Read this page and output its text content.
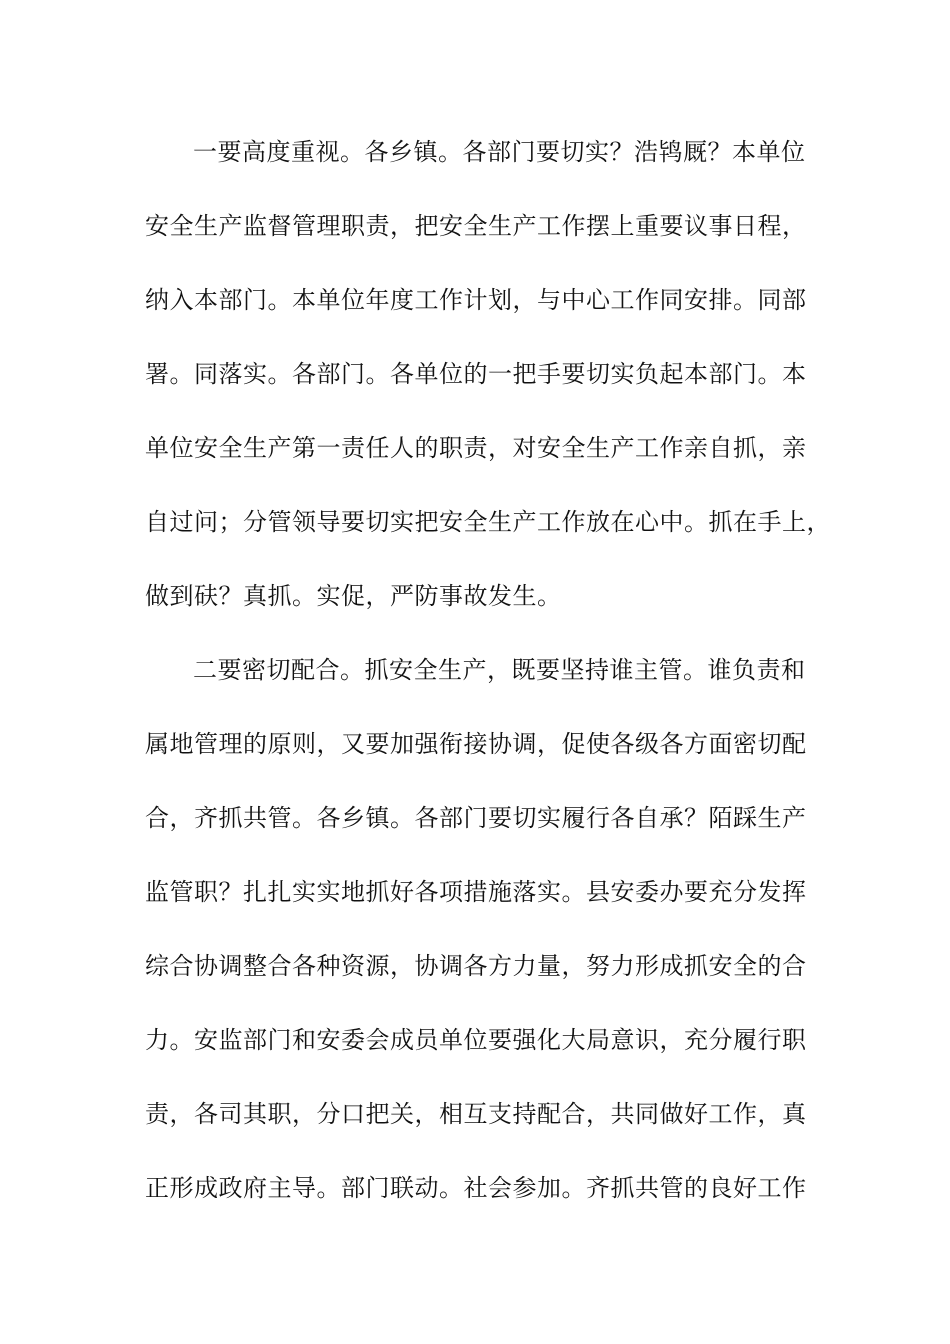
一要高度重视。各乡镇。各部门要切实？浩鸨厩？本单位
安全生产监督管理职责，把安全生产工作摆上重要议事日程，
纳入本部门。本单位年度工作计划，与中心工作同安排。同部
署。同落实。各部门。各单位的一把手要切实负起本部门。本
单位安全生产第一责任人的职责，对安全生产工作亲自抓，亲
自过问；分管领导要切实把安全生产工作放在心中。抓在手上，
做到砆？真抓。实促，严防事故发生。
二要密切配合。抓安全生产，既要坚持谁主管。谁负责和
属地管理的原则，又要加强衔接协调，促使各级各方面密切配
合，齐抓共管。各乡镇。各部门要切实履行各自承？陌踩生产
监管职？扎扎实实地抓好各项措施落实。县安委办要充分发挥
综合协调整合各种资源，协调各方力量，努力形成抓安全的合
力。安监部门和安委会成员单位要强化大局意识，充分履行职
责，各司其职，分口把关，相互支持配合，共同做好工作，真
正形成政府主导。部门联动。社会参加。齐抓共管的良好工作
